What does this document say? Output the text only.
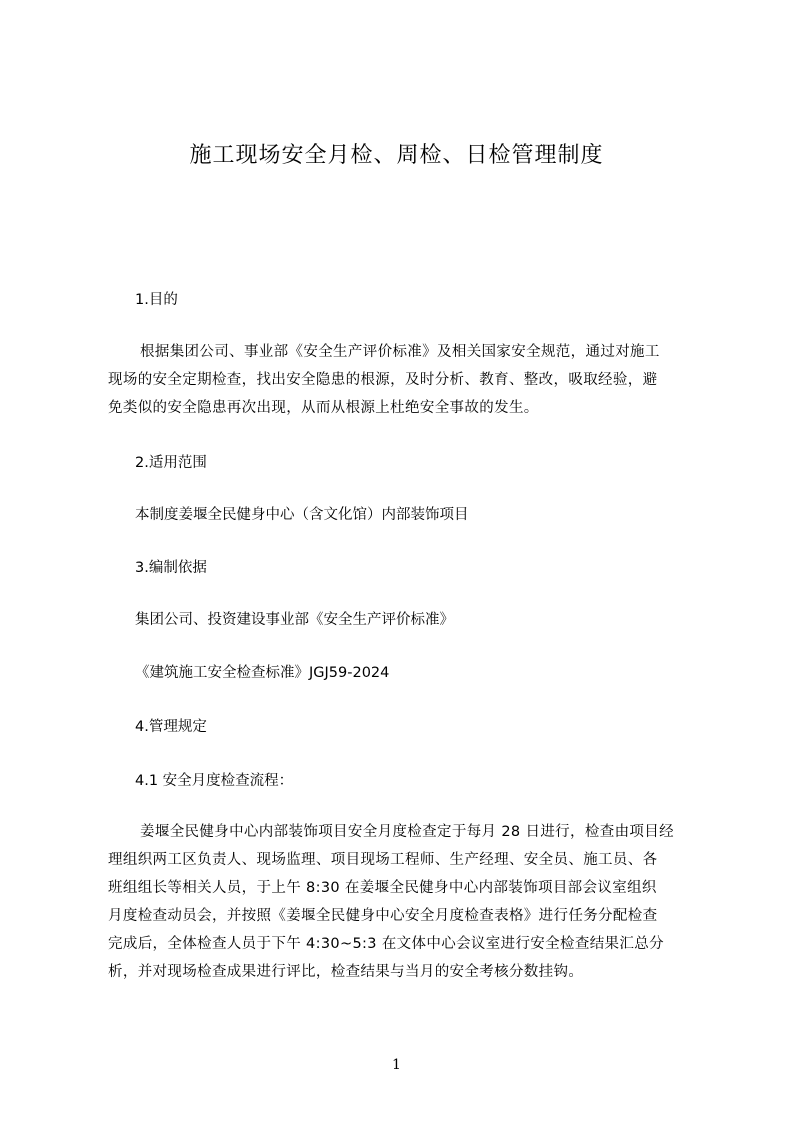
施工现场安全月检、周检、日检管理制度
1.目的
根据集团公司、事业部《安全生产评价标准》及相关国家安全规范，通过对施工
现场的安全定期检查，找出安全隐患的根源，及时分析、教育、整改，吸取经验，避
免类似的安全隐患再次出现，从而从根源上杜绝安全事故的发生。
2.适用范围
本制度姜堰全民健身中心（含文化馆）内部装饰项目
3.编制依据
集团公司、投资建设事业部《安全生产评价标准》
《建筑施工安全检查标准》JGJ59-2024
4.管理规定
4.1 安全月度检查流程：
姜堰全民健身中心内部装饰项目安全月度检查定于每月 28 日进行，检查由项目经
理组织两工区负责人、现场监理、项目现场工程师、生产经理、安全员、施工员、各
班组组长等相关人员，于上午 8:30 在姜堰全民健身中心内部装饰项目部会议室组织
月度检查动员会，并按照《姜堰全民健身中心安全月度检查表格》进行任务分配检查
完成后，全体检查人员于下午 4:30~5:3 在文体中心会议室进行安全检查结果汇总分
析，并对现场检查成果进行评比，检查结果与当月的安全考核分数挂钩。
1
